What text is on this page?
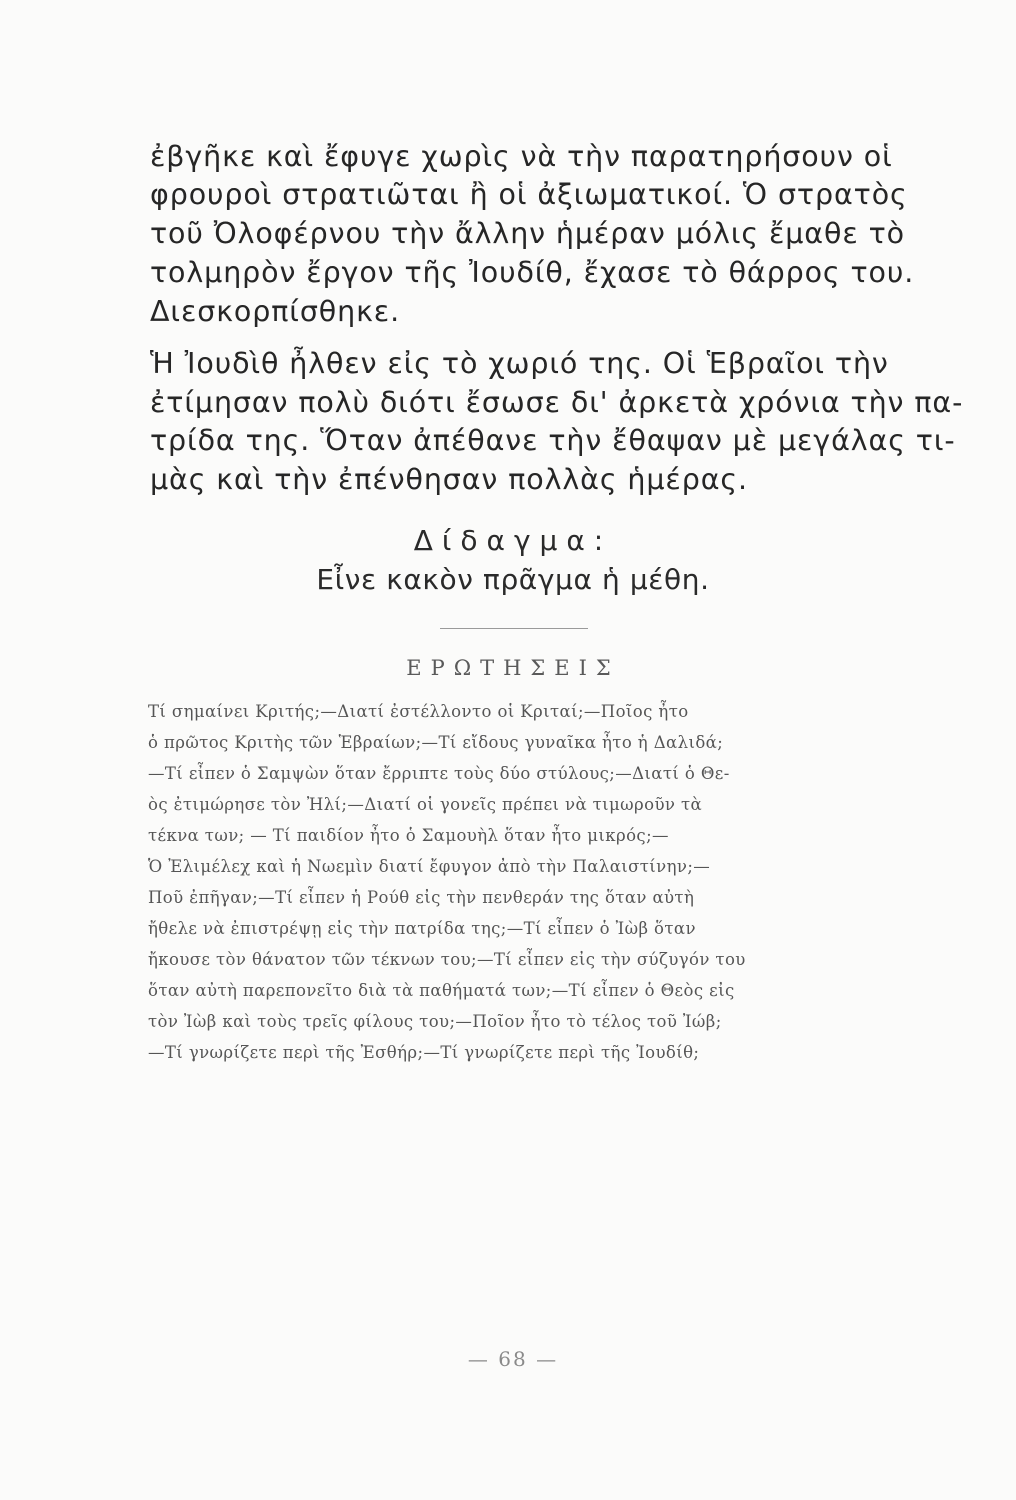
ἐβγῆκε καὶ ἔφυγε χωρὶς νὰ τὴν παρατηρήσουν οἱ
φρουροὶ στρατιῶται ἢ οἱ ἀξιωματικοί. Ὁ στρατὸς
τοῦ Ὀλοφέρνου τὴν ἄλλην ἡμέραν μόλις ἔμαθε τὸ
τολμηρὸν ἔργον τῆς Ἰουδίθ, ἔχασε τὸ θάρρος του.
Διεσκορπίσθηκε.
Ἡ Ἰουδὶθ ἦλθεν εἰς τὸ χωριό της. Οἱ Ἑβραῖοι τὴν
ἐτίμησαν πολὺ διότι ἔσωσε δι' ἀρκετὰ χρόνια τὴν πα-
τρίδα της. Ὅταν ἀπέθανε τὴν ἔθαψαν μὲ μεγάλας τι-
μὰς καὶ τὴν ἐπένθησαν πολλὰς ἡμέρας.
Δίδαγμα:
Εἶνε κακὸν πρᾶγμα ἡ μέθη.
ΕΡΩΤΗΣΕΙΣ
Τί σημαίνει Κριτής;—Διατί ἐστέλλοντο οἱ Κριταί;—Ποῖος ἦτο
ὁ πρῶτος Κριτὴς τῶν Ἑβραίων;—Τί εἴδους γυναῖκα ἦτο ἡ Δαλιδά;
—Τί εἶπεν ὁ Σαμψὼν ὅταν ἔρριπτε τοὺς δύο στύλους;—Διατί ὁ Θε-
ὸς ἐτιμώρησε τὸν Ἠλί;—Διατί οἱ γονεῖς πρέπει νὰ τιμωροῦν τὰ
τέκνα των; — Τί παιδίον ἦτο ὁ Σαμουὴλ ὅταν ἦτο μικρός;—
Ὁ Ἐλιμέλεχ καὶ ἡ Νωεμὶν διατί ἔφυγον ἀπὸ τὴν Παλαιστίνην;—
Ποῦ ἐπῆγαν;—Τί εἶπεν ἡ Ρούθ εἰς τὴν πενθεράν της ὅταν αὐτὴ
ἤθελε νὰ ἐπιστρέψῃ εἰς τὴν πατρίδα της;—Τί εἶπεν ὁ Ἰὼβ ὅταν
ἤκουσε τὸν θάνατον τῶν τέκνων του;—Τί εἶπεν εἰς τὴν σύζυγόν του
ὅταν αὐτὴ παρεπονεῖτο διὰ τὰ παθήματά των;—Τί εἶπεν ὁ Θεὸς εἰς
τὸν Ἰὼβ καὶ τοὺς τρεῖς φίλους του;—Ποῖον ἦτο τὸ τέλος τοῦ Ἰώβ;
—Τί γνωρίζετε περὶ τῆς Ἐσθήρ;—Τί γνωρίζετε περὶ τῆς Ἰουδίθ;
— 68 —
